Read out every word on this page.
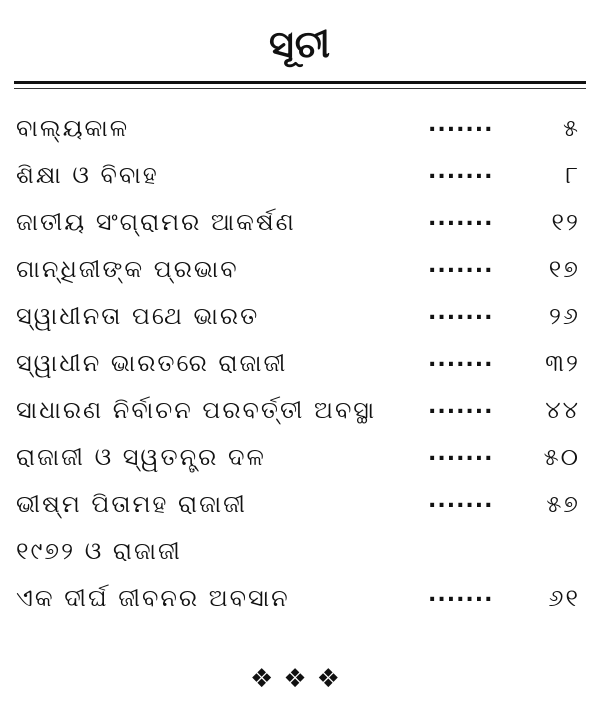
ସୂଚୀ
ବାଲ୍ୟକାଳ	.......	୫
ଶିକ୍ଷା ଓ ବିବାହ	.......	୮
ଜାତୀୟ ସଂଗ୍ରାମର ଆକର୍ଷଣ	....... ୧୨
ଗାନ୍ଧିଜୀଙ୍କ ପ୍ରଭାବ	....... ୧୭
ସ୍ୱାଧୀନତା ପଥେ ଭାରତ	....... ୨୬
ସ୍ୱାଧୀନ ଭାରତରେ ରାଜାଜୀ	....... ୩୨
ସାଧାରଣ ନିର୍ବାଚନ ପରବର୍ତ୍ତୀ ଅବସ୍ଥା ....... ୪୪
ରାଜାଜୀ ଓ ସ୍ୱତନ୍ତ୍ର ଦଳ	....... ୫୦
ଭୀଷ୍ମ ପିତାମହ ରାଜାଜୀ	....... ୫୭
୧୯୭୨ ଓ ରାଜାଜୀ
ଏକ ଦୀର୍ଘ ଜୀବନର ଅବସାନ	....... ୬୧
❖❖❖
